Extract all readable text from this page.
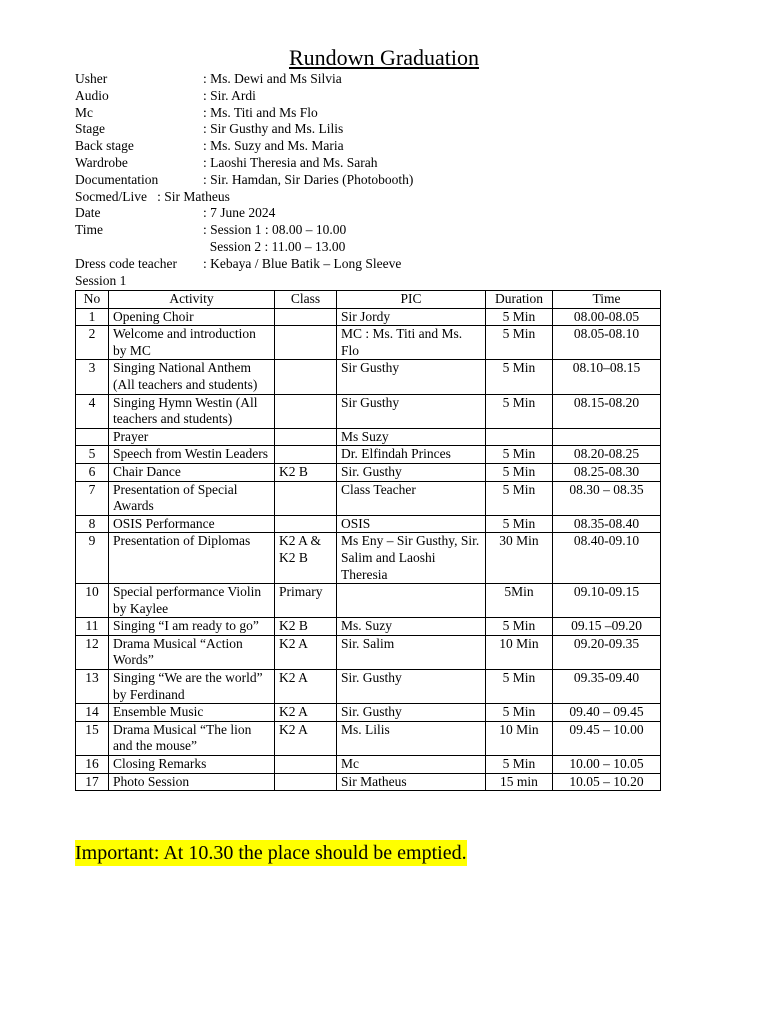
Rundown Graduation
Usher	: Ms. Dewi and Ms Silvia
Audio	: Sir. Ardi
Mc	: Ms. Titi and Ms Flo
Stage	: Sir Gusthy and Ms. Lilis
Back stage	: Ms. Suzy and Ms. Maria
Wardrobe	: Laoshi Theresia and Ms. Sarah
Documentation	: Sir. Hamdan, Sir Daries (Photobooth)
Socmed/Live   : Sir Matheus
Date	: 7 June 2024
Time	: Session 1 : 08.00 – 10.00
Session 2 : 11.00 – 13.00
Dress code teacher	: Kebaya / Blue Batik – Long Sleeve
Session 1
No	Activity	Class	PIC	Duration	Time
1	Opening Choir		Sir Jordy	5 Min	08.00-08.05
2	Welcome and introduction by MC		MC : Ms. Titi and Ms. Flo	5 Min	08.05-08.10
3	Singing National Anthem (All teachers and students)		Sir Gusthy	5 Min	08.10–08.15
4	Singing Hymn Westin (All teachers and students)		Sir Gusthy	5 Min	08.15-08.20
	Prayer		Ms Suzy		
5	Speech from Westin Leaders		Dr. Elfindah Princes	5 Min	08.20-08.25
6	Chair Dance	K2 B	Sir. Gusthy	5 Min	08.25-08.30
7	Presentation of Special Awards		Class Teacher	5 Min	08.30 – 08.35
8	OSIS Performance		OSIS	5 Min	08.35-08.40
9	Presentation of Diplomas	K2 A & K2 B	Ms Eny – Sir Gusthy, Sir. Salim and Laoshi Theresia	30 Min	08.40-09.10
10	Special performance Violin by Kaylee	Primary		5Min	09.10-09.15
11	Singing “I am ready to go”	K2 B	Ms. Suzy	5 Min	09.15 –09.20
12	Drama Musical “Action Words”	K2 A	Sir. Salim	10 Min	09.20-09.35
13	Singing “We are the world” by Ferdinand	K2 A	Sir. Gusthy	5 Min	09.35-09.40
14	Ensemble Music	K2 A	Sir. Gusthy	5 Min	09.40 – 09.45
15	Drama Musical “The lion and the mouse”	K2 A	Ms. Lilis	10 Min	09.45 – 10.00
16	Closing Remarks		Mc	5 Min	10.00 – 10.05
17	Photo Session		Sir Matheus	15 min	10.05 – 10.20
Important: At 10.30 the place should be emptied.
